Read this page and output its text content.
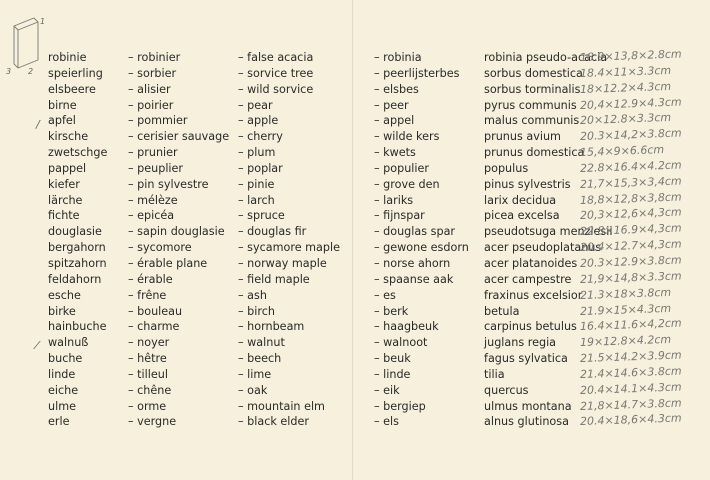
1
2
3
robinie
speierling
elsbeere
birne
apfel
kirsche
zwetschge
pappel
kiefer
lärche
fichte
douglasie
bergahorn
spitzahorn
feldahorn
esche
birke
hainbuche
walnuß
buche
linde
eiche
ulme
erle
– robinier
– sorbier
– alisier
– poirier
– pommier
– cerisier sauvage
– prunier
– peuplier
– pin sylvestre
– mélèze
– epicéa
– sapin douglasie
– sycomore
– érable plane
– érable
– frêne
– bouleau
– charme
– noyer
– hêtre
– tilleul
– chêne
– orme
– vergne
– false acacia
– sorvice tree
– wild sorvice
– pear
– apple
– cherry
– plum
– poplar
– pinie
– larch
– spruce
– douglas fir
– sycamore maple
– norway maple
– field maple
– ash
– birch
– hornbeam
– walnut
– beech
– lime
– oak
– mountain elm
– black elder
– robinia
– peerlijsterbes
– elsbes
– peer
– appel
– wilde kers
– kwets
– populier
– grove den
– lariks
– fijnspar
– douglas spar
– gewone esdorn
– norse ahorn
– spaanse aak
– es
– berk
– haagbeuk
– walnoot
– beuk
– linde
– eik
– bergiep
– els
robinia pseudo-acacia
sorbus domestica
sorbus torminalis
pyrus communis
malus communis
prunus avium
prunus domestica
populus
pinus sylvestris
larix decidua
picea excelsa
pseudotsuga menziesii
acer pseudoplatanus
acer platanoides
acer campestre
fraxinus excelsior
betula
carpinus betulus
juglans regia
fagus sylvatica
tilia
quercus
ulmus montana
alnus glutinosa
18.9×13,8×2.8cm
18.4×11×3.3cm
18×12.2×4.3cm
20,4×12.9×4.3cm
20×12.8×3.3cm
20.3×14,2×3.8cm
15,4×9×6.6cm
22.8×16.4×4.2cm
21,7×15,3×3,4cm
18,8×12,8×3,8cm
20,3×12,6×4,3cm
22.8×16.9×4,3cm
20.4×12.7×4,3cm
20.3×12.9×3.8cm
21,9×14,8×3.3cm
21.3×18×3.8cm
21.9×15×4.3cm
16.4×11.6×4,2cm
19×12.8×4.2cm
21.5×14.2×3.9cm
21.4×14.6×3.8cm
20.4×14.1×4.3cm
21,8×14.7×3.8cm
20.4×18,6×4.3cm
/
⁄
